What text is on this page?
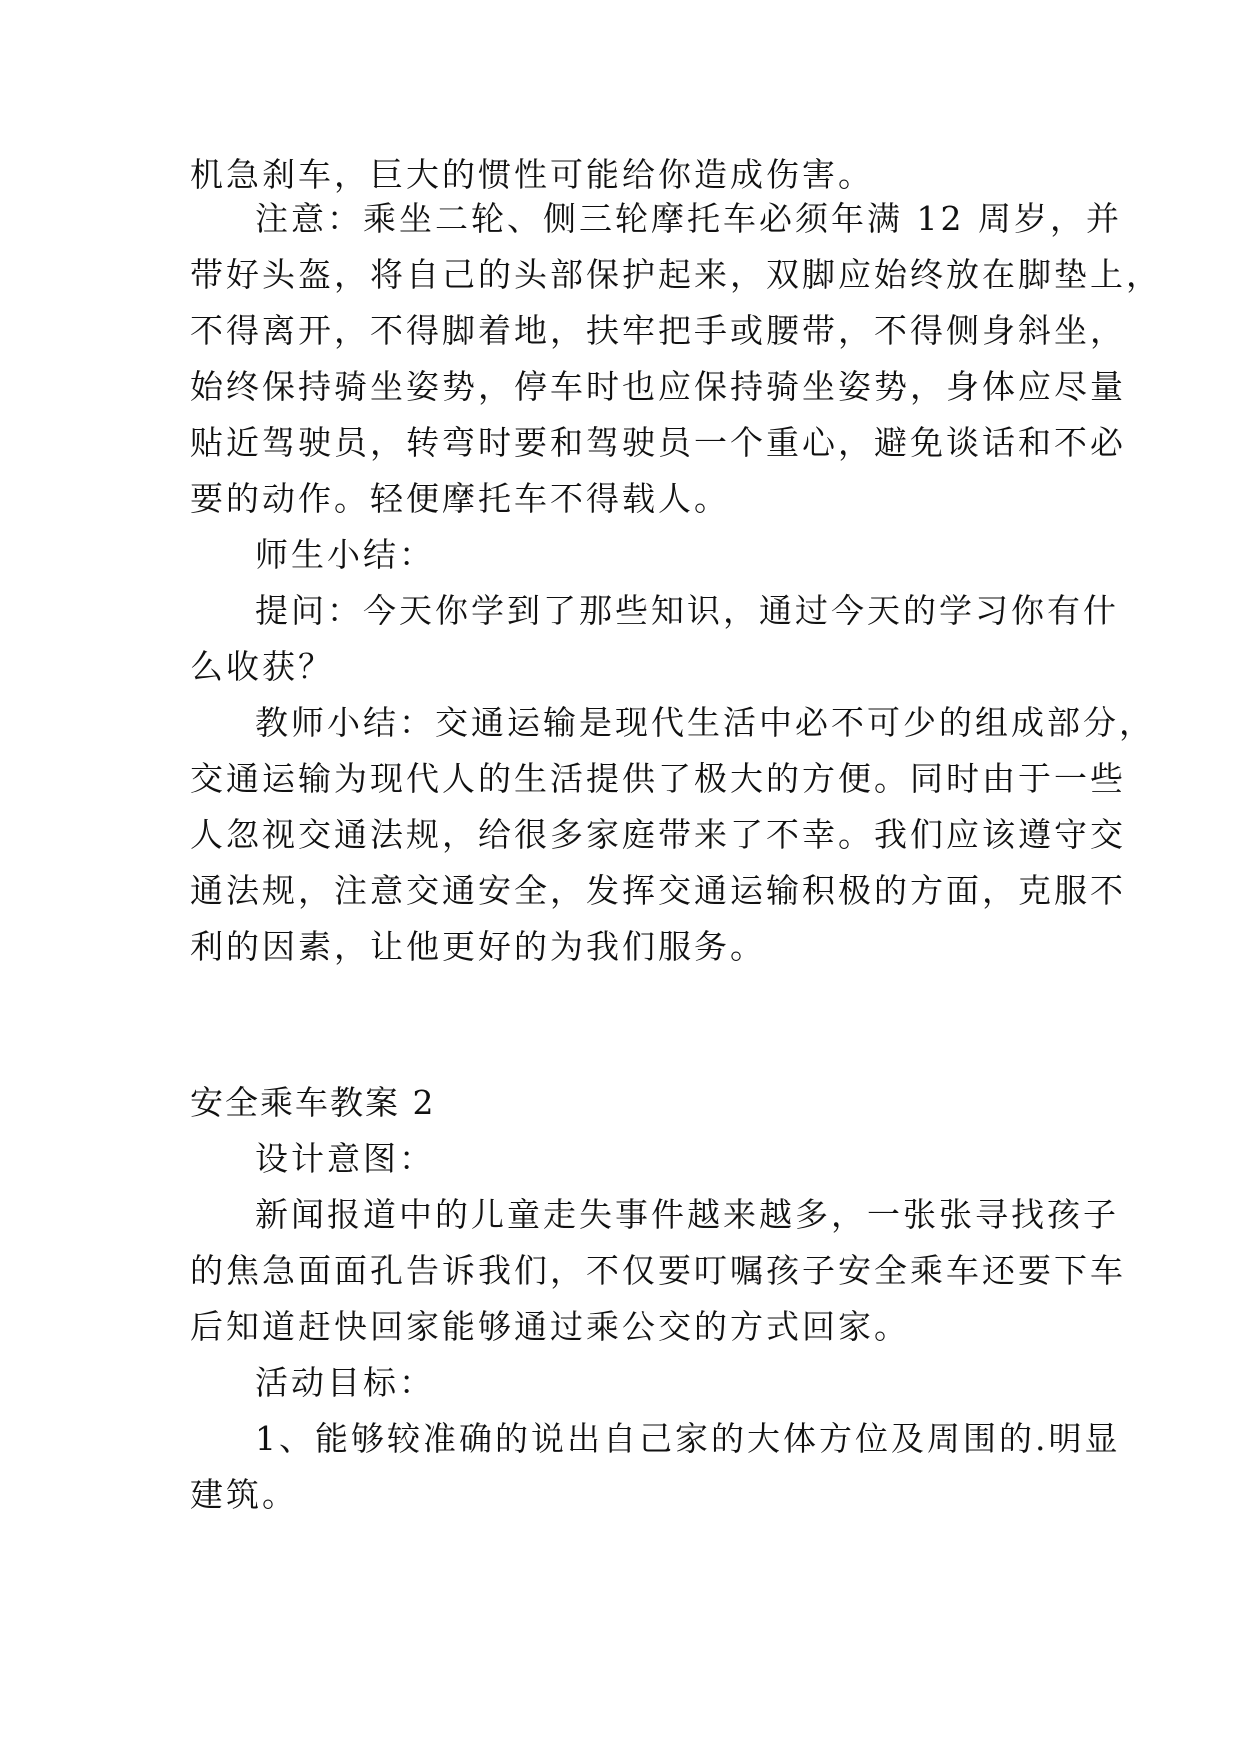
机急刹车，巨大的惯性可能给你造成伤害。
注意：乘坐二轮、侧三轮摩托车必须年满 12 周岁，并
带好头盔，将自己的头部保护起来，双脚应始终放在脚垫上，
不得离开，不得脚着地，扶牢把手或腰带，不得侧身斜坐，
始终保持骑坐姿势，停车时也应保持骑坐姿势，身体应尽量
贴近驾驶员，转弯时要和驾驶员一个重心，避免谈话和不必
要的动作。轻便摩托车不得载人。
师生小结：
提问：今天你学到了那些知识，通过今天的学习你有什
么收获？
教师小结：交通运输是现代生活中必不可少的组成部分，
交通运输为现代人的生活提供了极大的方便。同时由于一些
人忽视交通法规，给很多家庭带来了不幸。我们应该遵守交
通法规，注意交通安全，发挥交通运输积极的方面，克服不
利的因素，让他更好的为我们服务。
安全乘车教案 2
设计意图：
新闻报道中的儿童走失事件越来越多，一张张寻找孩子
的焦急面面孔告诉我们，不仅要叮嘱孩子安全乘车还要下车
后知道赶快回家能够通过乘公交的方式回家。
活动目标：
1、能够较准确的说出自己家的大体方位及周围的.明显
建筑。
